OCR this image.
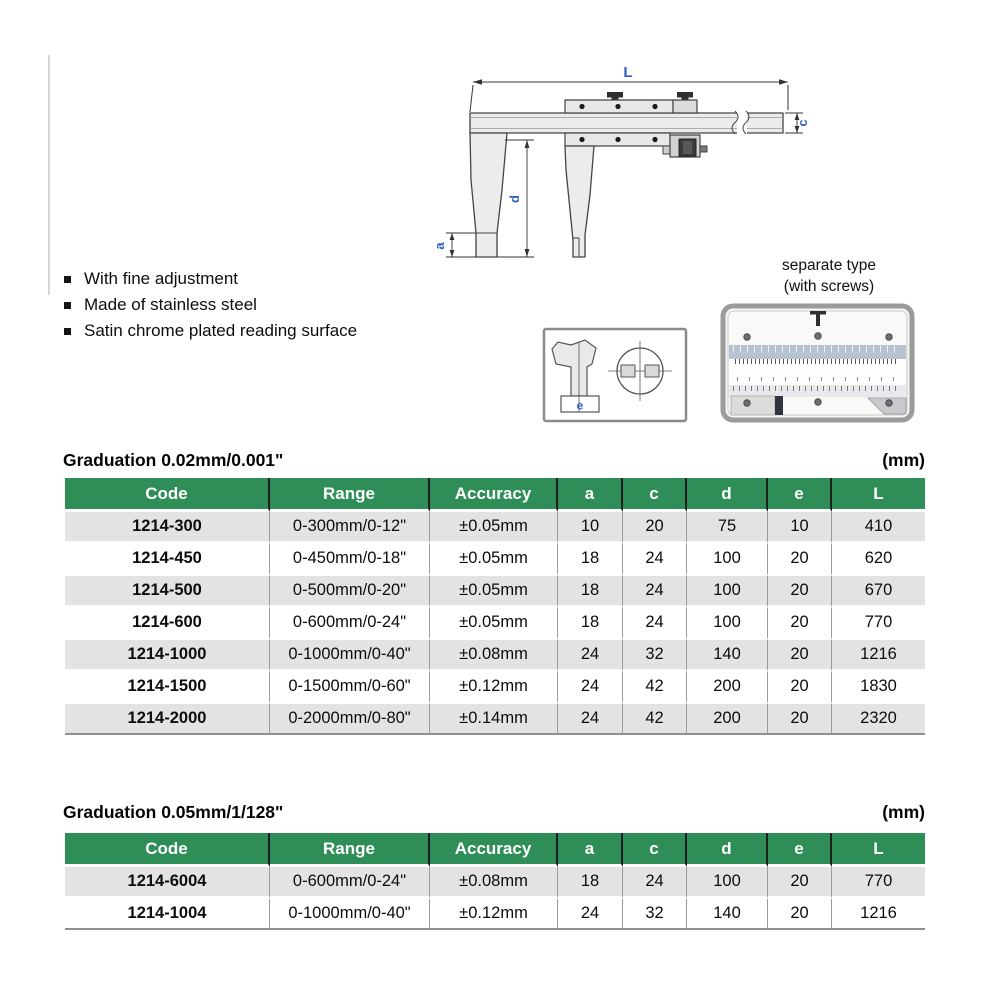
L
c
d
a
e
separate type
(with screws)
With fine adjustment
Made of stainless steel
Satin chrome plated reading surface
Graduation 0.02mm/0.001"	(mm)
Code	Range	Accuracy	a	c	d	e	L
1214-300	0-300mm/0-12"	±0.05mm	10	20	75	10	410
1214-450	0-450mm/0-18"	±0.05mm	18	24	100	20	620
1214-500	0-500mm/0-20"	±0.05mm	18	24	100	20	670
1214-600	0-600mm/0-24"	±0.05mm	18	24	100	20	770
1214-1000	0-1000mm/0-40"	±0.08mm	24	32	140	20	1216
1214-1500	0-1500mm/0-60"	±0.12mm	24	42	200	20	1830
1214-2000	0-2000mm/0-80"	±0.14mm	24	42	200	20	2320
Graduation 0.05mm/1/128"	(mm)
Code	Range	Accuracy	a	c	d	e	L
1214-6004	0-600mm/0-24"	±0.08mm	18	24	100	20	770
1214-1004	0-1000mm/0-40"	±0.12mm	24	32	140	20	1216
